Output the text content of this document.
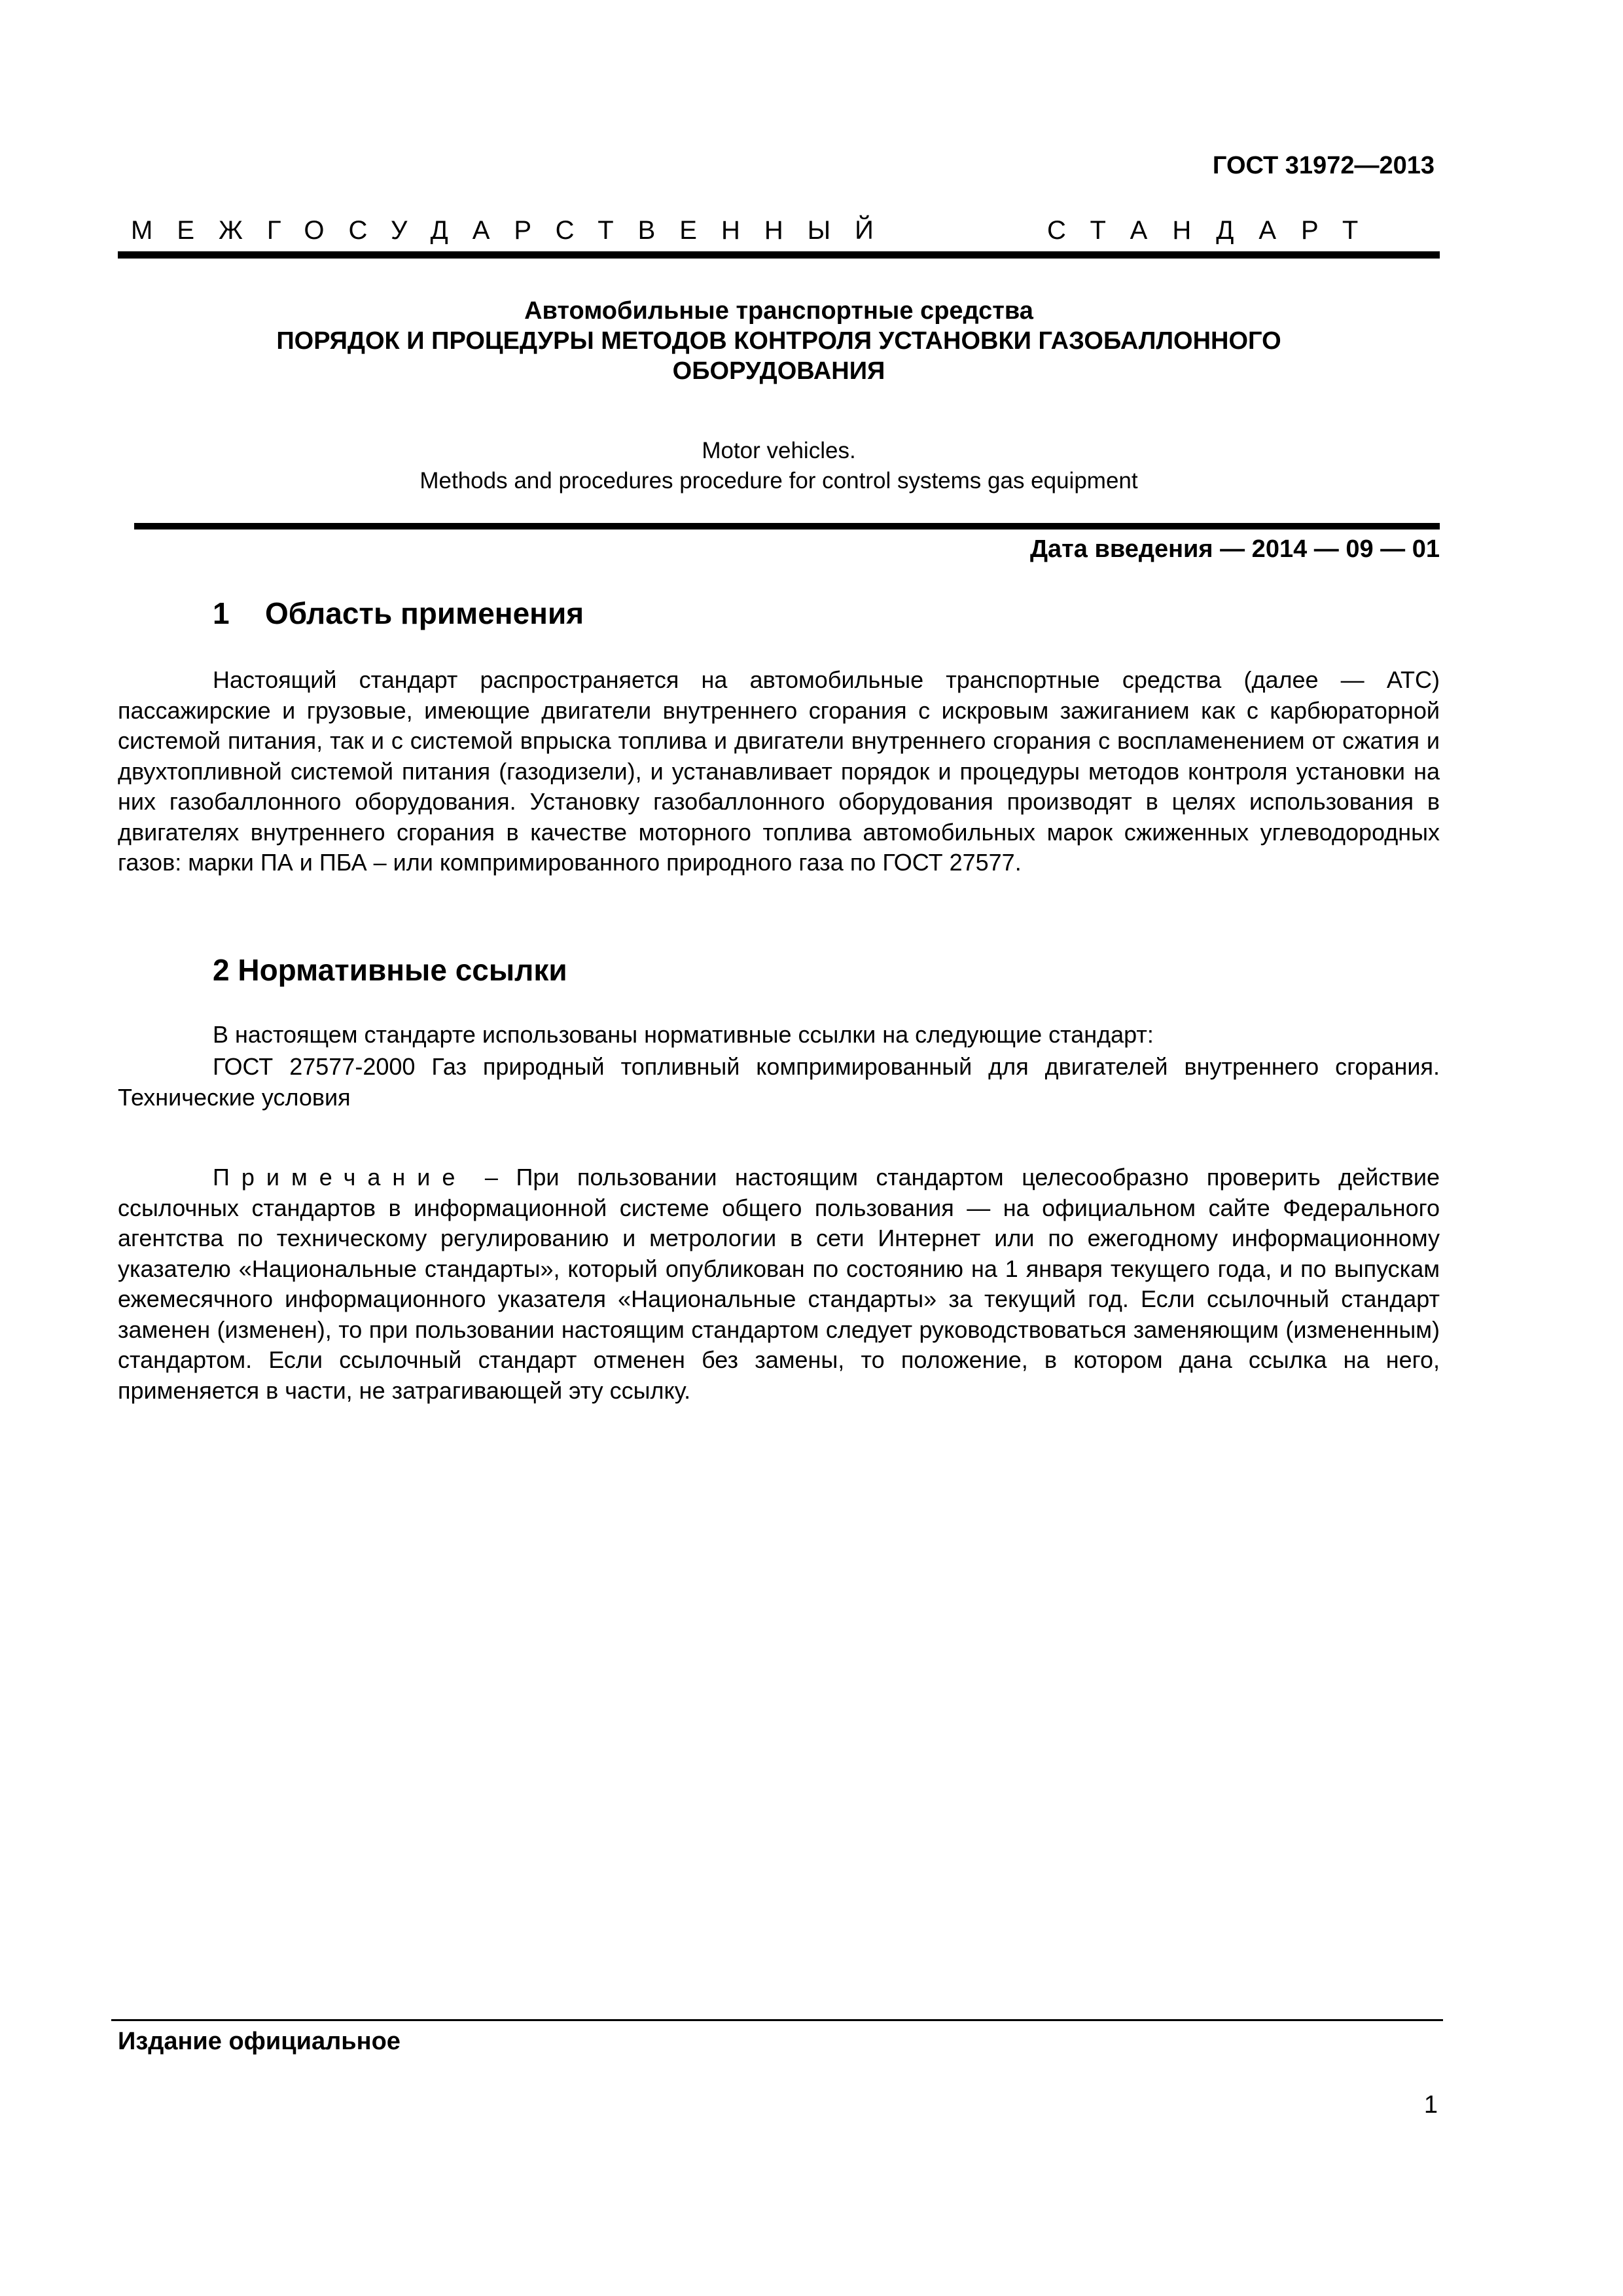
ГОСТ 31972—2013
МЕЖГОСУДАРСТВЕННЫЙ	СТАНДАРТ
Автомобильные транспортные средства
ПОРЯДОК И ПРОЦЕДУРЫ МЕТОДОВ КОНТРОЛЯ УСТАНОВКИ ГАЗОБАЛЛОННОГО
ОБОРУДОВАНИЯ
Motor vehicles.
Methods and procedures procedure for control systems gas equipment
Дата введения — 2014 — 09 — 01
1 Область применения
Настоящий стандарт распространяется на автомобильные транспортные средства (далее — АТС) пассажирские и грузовые, имеющие двигатели внутреннего сгорания с искровым зажиганием как с карбюраторной системой питания, так и с системой впрыска топлива и двигатели внутреннего сгорания с воспламенением от сжатия и двухтопливной системой питания (газодизели), и устанавливает порядок и процедуры методов контроля установки на них газобаллонного оборудования. Установку газобаллонного оборудования производят в целях использования в двигателях внутреннего сгорания в качестве моторного топлива автомобильных марок сжиженных углеводородных газов: марки ПА и ПБА – или компримированного природного газа по ГОСТ 27577.
2 Нормативные ссылки
В настоящем стандарте использованы нормативные ссылки на следующие стандарт:
ГОСТ 27577-2000 Газ природный топливный компримированный для двигателей внутреннего сгорания. Технические условия
Примечание – При пользовании настоящим стандартом целесообразно проверить действие ссылочных стандартов в информационной системе общего пользования — на официальном сайте Федерального агентства по техническому регулированию и метрологии в сети Интернет или по ежегодному информационному указателю «Национальные стандарты», который опубликован по состоянию на 1 января текущего года, и по выпускам ежемесячного информационного указателя «Национальные стандарты» за текущий год. Если ссылочный стандарт заменен (изменен), то при пользовании настоящим стандартом следует руководствоваться заменяющим (измененным) стандартом. Если ссылочный стандарт отменен без замены, то положение, в котором дана ссылка на него, применяется в части, не затрагивающей эту ссылку.
Издание официальное
1
